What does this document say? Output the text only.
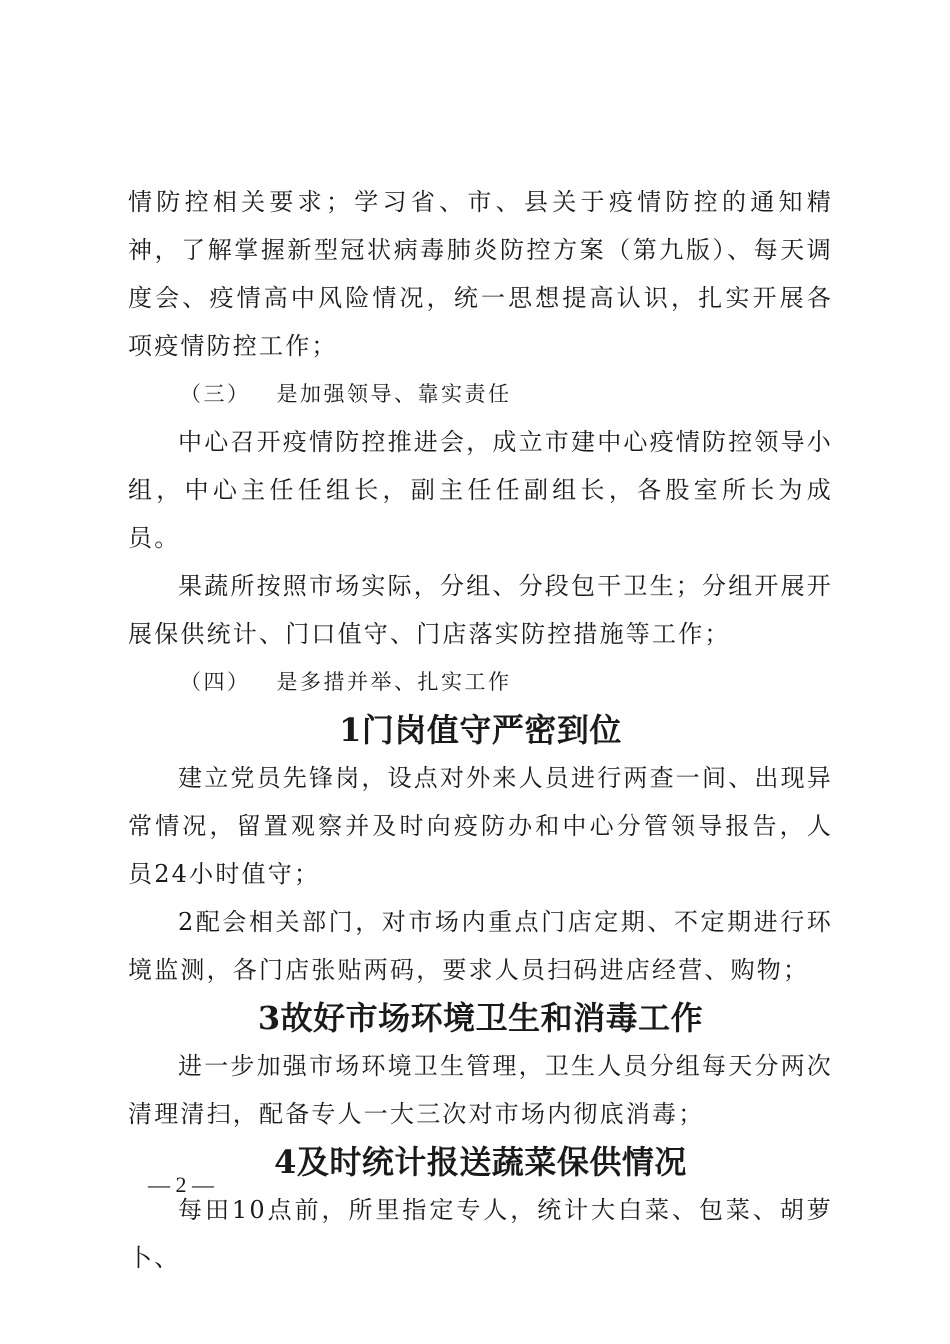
情防控相关要求；学习省、市、县关于疫情防控的通知精神，了解掌握新型冠状病毒肺炎防控方案（第九版）、每天调度会、疫情高中风险情况，统一思想提高认识，扎实开展各项疫情防控工作；

（三） 是加强领导、靠实责任

中心召开疫情防控推进会，成立市建中心疫情防控领导小组，中心主任任组长，副主任任副组长，各股室所长为成员。

果蔬所按照市场实际，分组、分段包干卫生；分组开展开展保供统计、门口值守、门店落实防控措施等工作；

（四） 是多措并举、扎实工作

1门岗值守严密到位

建立党员先锋岗，设点对外来人员进行两查一间、出现异常情况，留置观察并及时向疫防办和中心分管领导报告，人员24小时值守；

2配会相关部门，对市场内重点门店定期、不定期进行环境监测，各门店张贴两码，要求人员扫码进店经营、购物；

3故好市场环境卫生和消毒工作

进一步加强市场环境卫生管理，卫生人员分组每天分两次清理清扫，配备专人一大三次对市场内彻底消毒；

4及时统计报送蔬菜保供情况

每田10点前，所里指定专人，统计大白菜、包菜、胡萝卜、

— 2 —
